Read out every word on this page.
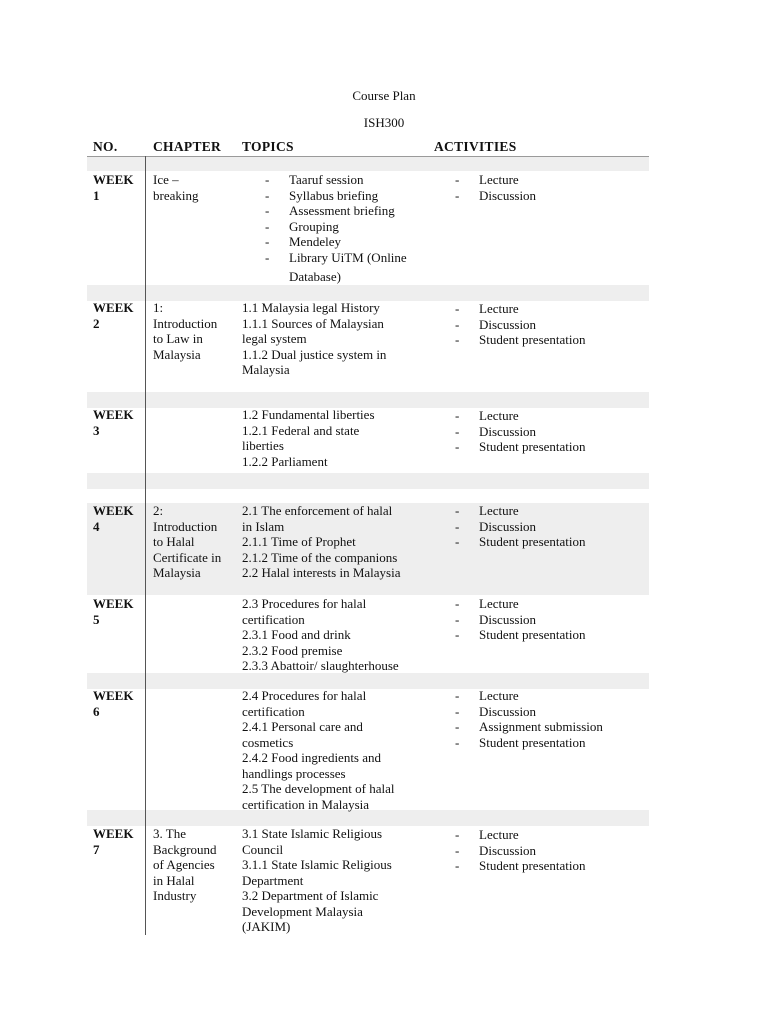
Course Plan
ISH300
NO.	CHAPTER TOPICS	ACTIVITIES
WEEK
1
Ice –
breaking
- Taaruf session
- Syllabus briefing
- Assessment briefing
- Grouping
- Mendeley
- Library UiTM (Online
Database)
- Lecture
- Discussion
WEEK
2
1:
Introduction
to Law in
Malaysia
1.1 Malaysia legal History
1.1.1 Sources of Malaysian
legal system
1.1.2 Dual justice system in
Malaysia
- Lecture
- Discussion
- Student presentation
WEEK
3
1.2 Fundamental liberties
1.2.1 Federal and state
liberties
1.2.2 Parliament
- Lecture
- Discussion
- Student presentation
WEEK
4
2:
Introduction
to Halal
Certificate in
Malaysia
2.1 The enforcement of halal
in Islam
2.1.1 Time of Prophet
2.1.2 Time of the companions
2.2 Halal interests in Malaysia
- Lecture
- Discussion
- Student presentation
WEEK
5
2.3 Procedures for halal
certification
2.3.1 Food and drink
2.3.2 Food premise
2.3.3 Abattoir/ slaughterhouse
- Lecture
- Discussion
- Student presentation
WEEK
6
2.4 Procedures for halal
certification
2.4.1 Personal care and
cosmetics
2.4.2 Food ingredients and
handlings processes
2.5 The development of halal
certification in Malaysia
- Lecture
- Discussion
- Assignment submission
- Student presentation
WEEK
7
3. The
Background
of Agencies
in Halal
Industry
3.1 State Islamic Religious
Council
3.1.1 State Islamic Religious
Department
3.2 Department of Islamic
Development Malaysia
(JAKIM)
- Lecture
- Discussion
- Student presentation
